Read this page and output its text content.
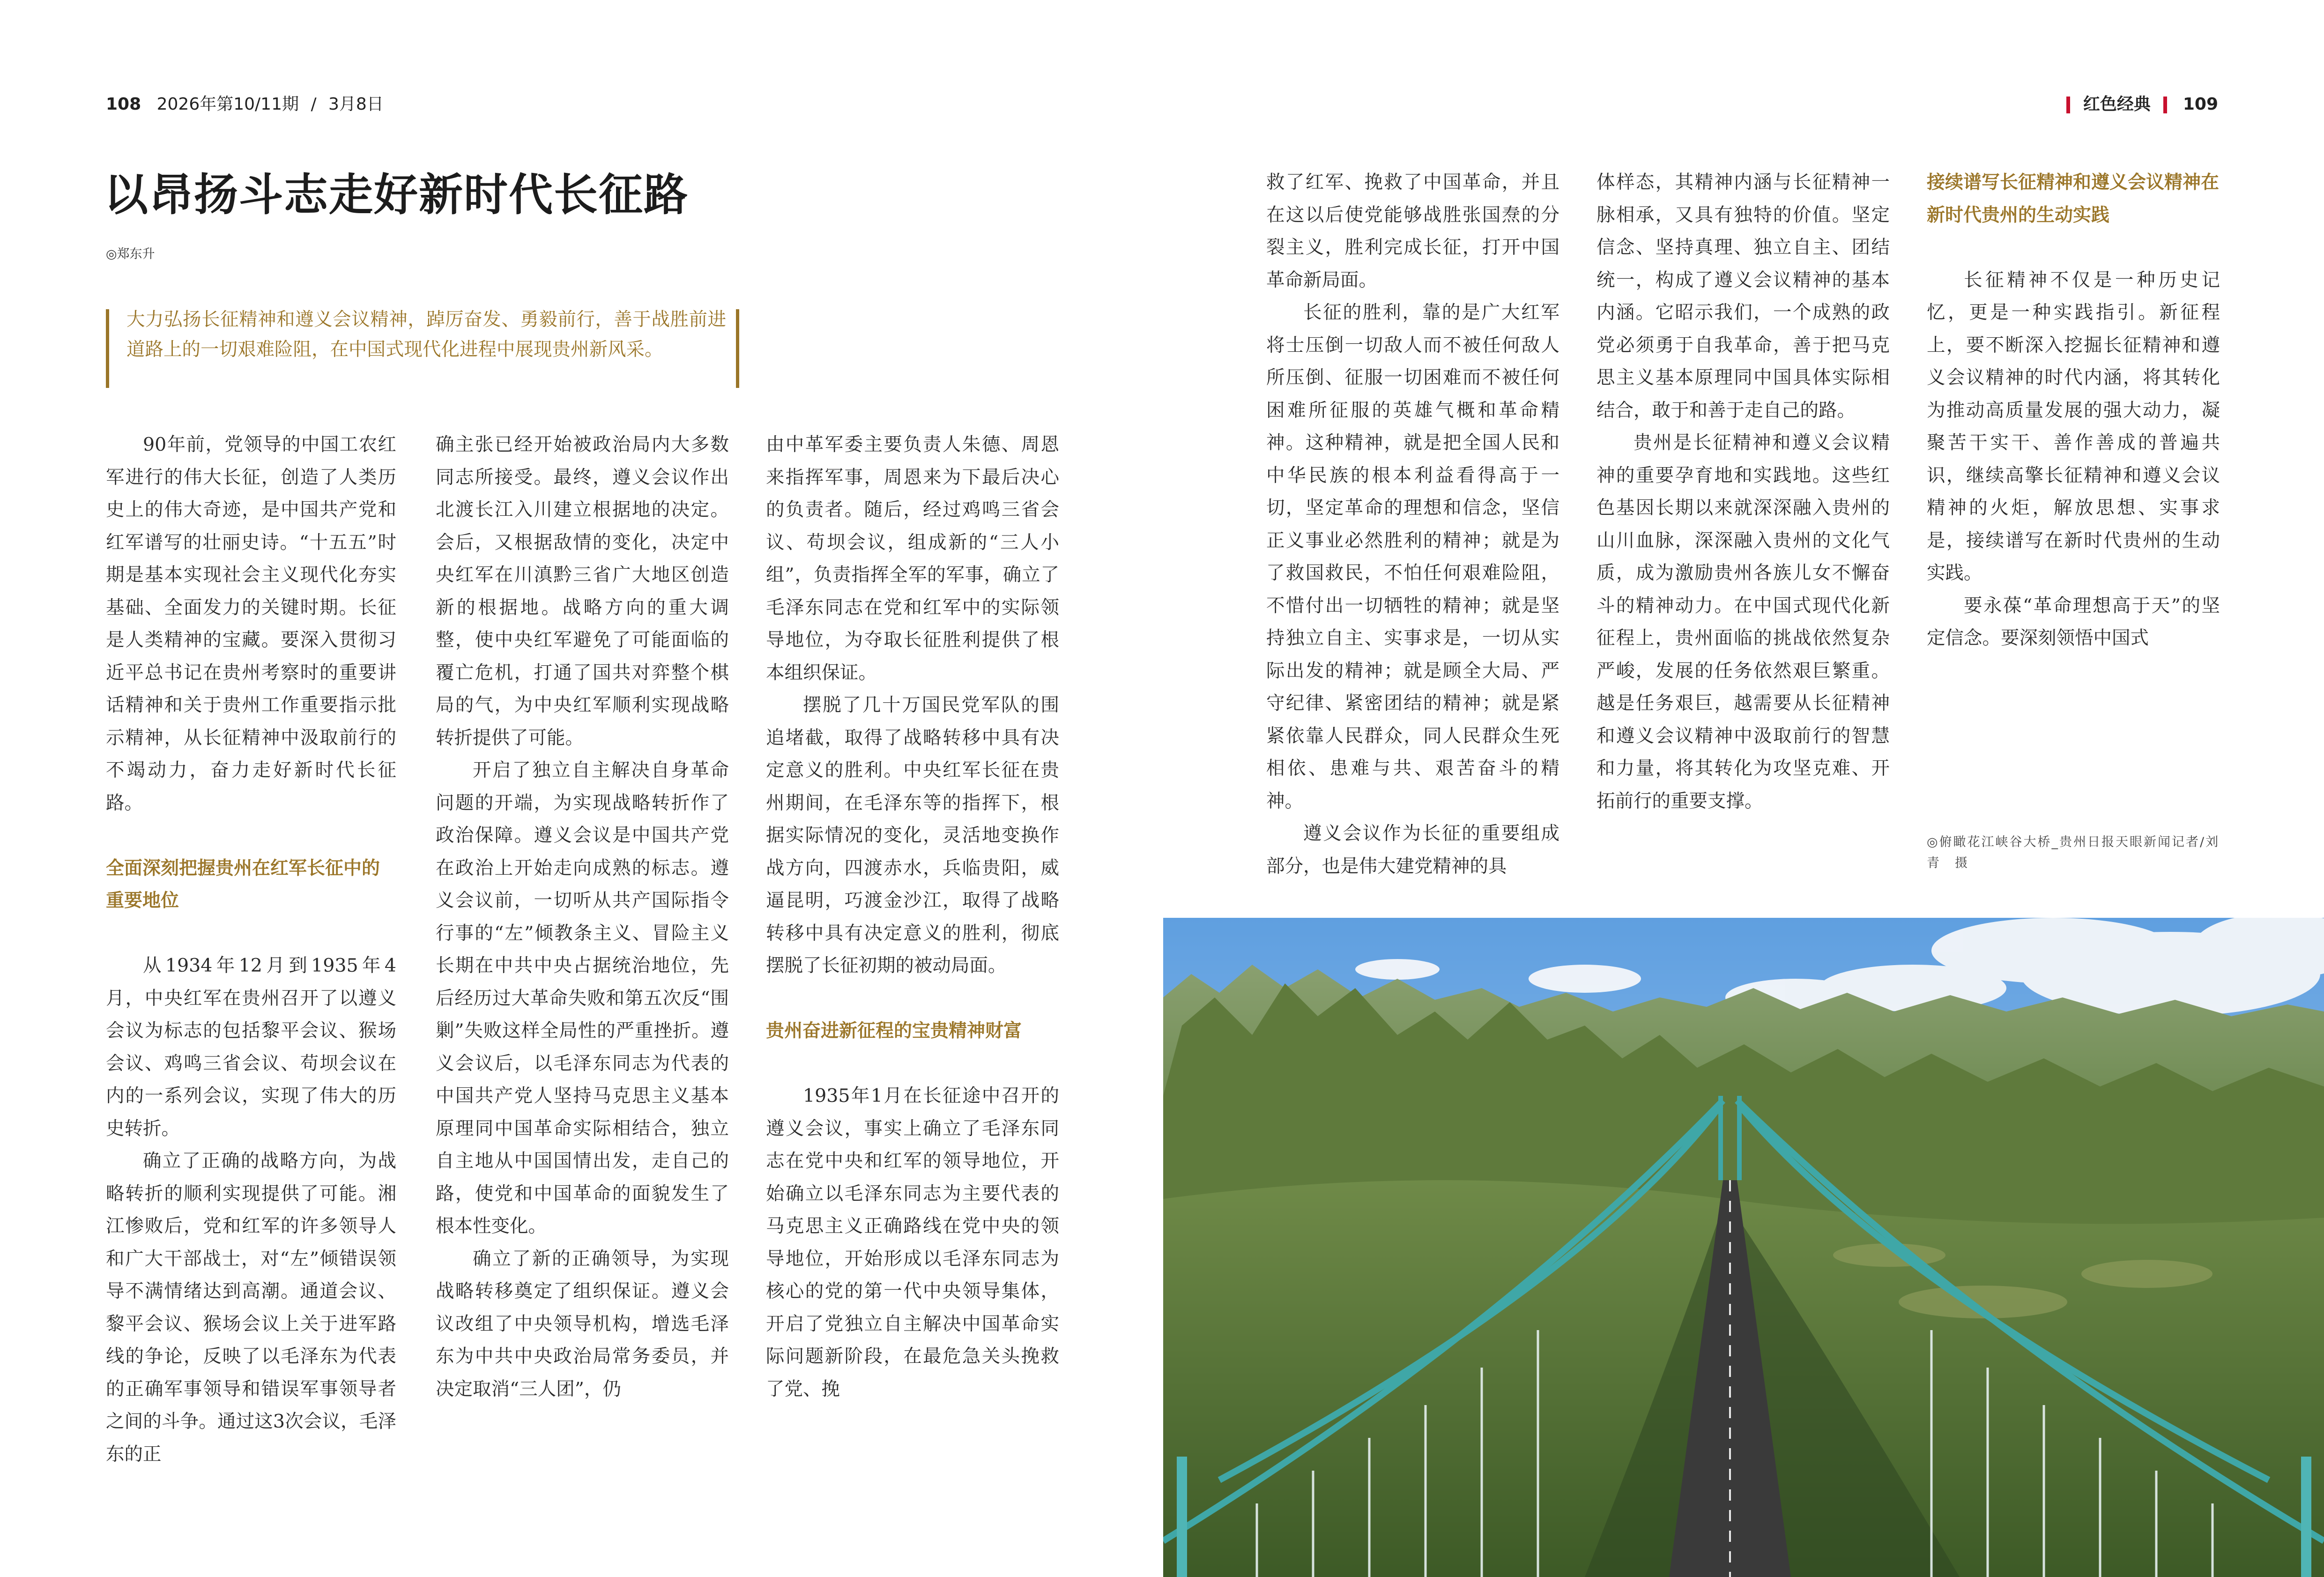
108 2026年第10/11期 / 3月8日	红色经典 109
以昂扬斗志走好新时代长征路
◎郑东升
大力弘扬长征精神和遵义会议精神，踔厉奋发、勇毅前行，善于战胜前进道路上的一切艰难险阻，在中国式现代化进程中展现贵州新风采。

90年前，党领导的中国工农红军进行的伟大长征，创造了人类历史上的伟大奇迹，是中国共产党和红军谱写的壮丽史诗。“十五五”时期是基本实现社会主义现代化夯实基础、全面发力的关键时期。长征是人类精神的宝藏。要深入贯彻习近平总书记在贵州考察时的重要讲话精神和关于贵州工作重要指示批示精神，从长征精神中汲取前行的不竭动力，奋力走好新时代长征路。

全面深刻把握贵州在红军长征中的重要地位

从1934年12月到1935年4月，中央红军在贵州召开了以遵义会议为标志的包括黎平会议、猴场会议、鸡鸣三省会议、苟坝会议在内的一系列会议，实现了伟大的历史转折。

确立了正确的战略方向，为战略转折的顺利实现提供了可能。湘江惨败后，党和红军的许多领导人和广大干部战士，对“左”倾错误领导不满情绪达到高潮。通道会议、黎平会议、猴场会议上关于进军路线的争论，反映了以毛泽东为代表的正确军事领导和错误军事领导者之间的斗争。通过这3次会议，毛泽东的正

确主张已经开始被政治局内大多数同志所接受。最终，遵义会议作出北渡长江入川建立根据地的决定。会后，又根据敌情的变化，决定中央红军在川滇黔三省广大地区创造新的根据地。战略方向的重大调整，使中央红军避免了可能面临的覆亡危机，打通了国共对弈整个棋局的气，为中央红军顺利实现战略转折提供了可能。

开启了独立自主解决自身革命问题的开端，为实现战略转折作了政治保障。遵义会议是中国共产党在政治上开始走向成熟的标志。遵义会议前，一切听从共产国际指令行事的“左”倾教条主义、冒险主义长期在中共中央占据统治地位，先后经历过大革命失败和第五次反“围剿”失败这样全局性的严重挫折。遵义会议后，以毛泽东同志为代表的中国共产党人坚持马克思主义基本原理同中国革命实际相结合，独立自主地从中国国情出发，走自己的路，使党和中国革命的面貌发生了根本性变化。

确立了新的正确领导，为实现战略转移奠定了组织保证。遵义会议改组了中央领导机构，增选毛泽东为中共中央政治局常务委员，并决定取消“三人团”，仍

由中革军委主要负责人朱德、周恩来指挥军事，周恩来为下最后决心的负责者。随后，经过鸡鸣三省会议、苟坝会议，组成新的“三人小组”，负责指挥全军的军事，确立了毛泽东同志在党和红军中的实际领导地位，为夺取长征胜利提供了根本组织保证。

摆脱了几十万国民党军队的围追堵截，取得了战略转移中具有决定意义的胜利。中央红军长征在贵州期间，在毛泽东等的指挥下，根据实际情况的变化，灵活地变换作战方向，四渡赤水，兵临贵阳，威逼昆明，巧渡金沙江，取得了战略转移中具有决定意义的胜利，彻底摆脱了长征初期的被动局面。

贵州奋进新征程的宝贵精神财富

1935年1月在长征途中召开的遵义会议，事实上确立了毛泽东同志在党中央和红军的领导地位，开始确立以毛泽东同志为主要代表的马克思主义正确路线在党中央的领导地位，开始形成以毛泽东同志为核心的党的第一代中央领导集体，开启了党独立自主解决中国革命实际问题新阶段，在最危急关头挽救了党、挽

救了红军、挽救了中国革命，并且在这以后使党能够战胜张国焘的分裂主义，胜利完成长征，打开中国革命新局面。

长征的胜利，靠的是广大红军将士压倒一切敌人而不被任何敌人所压倒、征服一切困难而不被任何困难所征服的英雄气概和革命精神。这种精神，就是把全国人民和中华民族的根本利益看得高于一切，坚定革命的理想和信念，坚信正义事业必然胜利的精神；就是为了救国救民，不怕任何艰难险阻，不惜付出一切牺牲的精神；就是坚持独立自主、实事求是，一切从实际出发的精神；就是顾全大局、严守纪律、紧密团结的精神；就是紧紧依靠人民群众，同人民群众生死相依、患难与共、艰苦奋斗的精神。

遵义会议作为长征的重要组成部分，也是伟大建党精神的具

体样态，其精神内涵与长征精神一脉相承，又具有独特的价值。坚定信念、坚持真理、独立自主、团结统一，构成了遵义会议精神的基本内涵。它昭示我们，一个成熟的政党必须勇于自我革命，善于把马克思主义基本原理同中国具体实际相结合，敢于和善于走自己的路。

贵州是长征精神和遵义会议精神的重要孕育地和实践地。这些红色基因长期以来就深深融入贵州的山川血脉，深深融入贵州的文化气质，成为激励贵州各族儿女不懈奋斗的精神动力。在中国式现代化新征程上，贵州面临的挑战依然复杂严峻，发展的任务依然艰巨繁重。越是任务艰巨，越需要从长征精神和遵义会议精神中汲取前行的智慧和力量，将其转化为攻坚克难、开拓前行的重要支撑。

接续谱写长征精神和遵义会议精神在新时代贵州的生动实践

长征精神不仅是一种历史记忆，更是一种实践指引。新征程上，要不断深入挖掘长征精神和遵义会议精神的时代内涵，将其转化为推动高质量发展的强大动力，凝聚苦干实干、善作善成的普遍共识，继续高擎长征精神和遵义会议精神的火炬，解放思想、实事求是，接续谱写在新时代贵州的生动实践。

要永葆“革命理想高于天”的坚定信念。要深刻领悟中国式

◎俯瞰花江峡谷大桥_贵州日报天眼新闻记者/刘青　摄
